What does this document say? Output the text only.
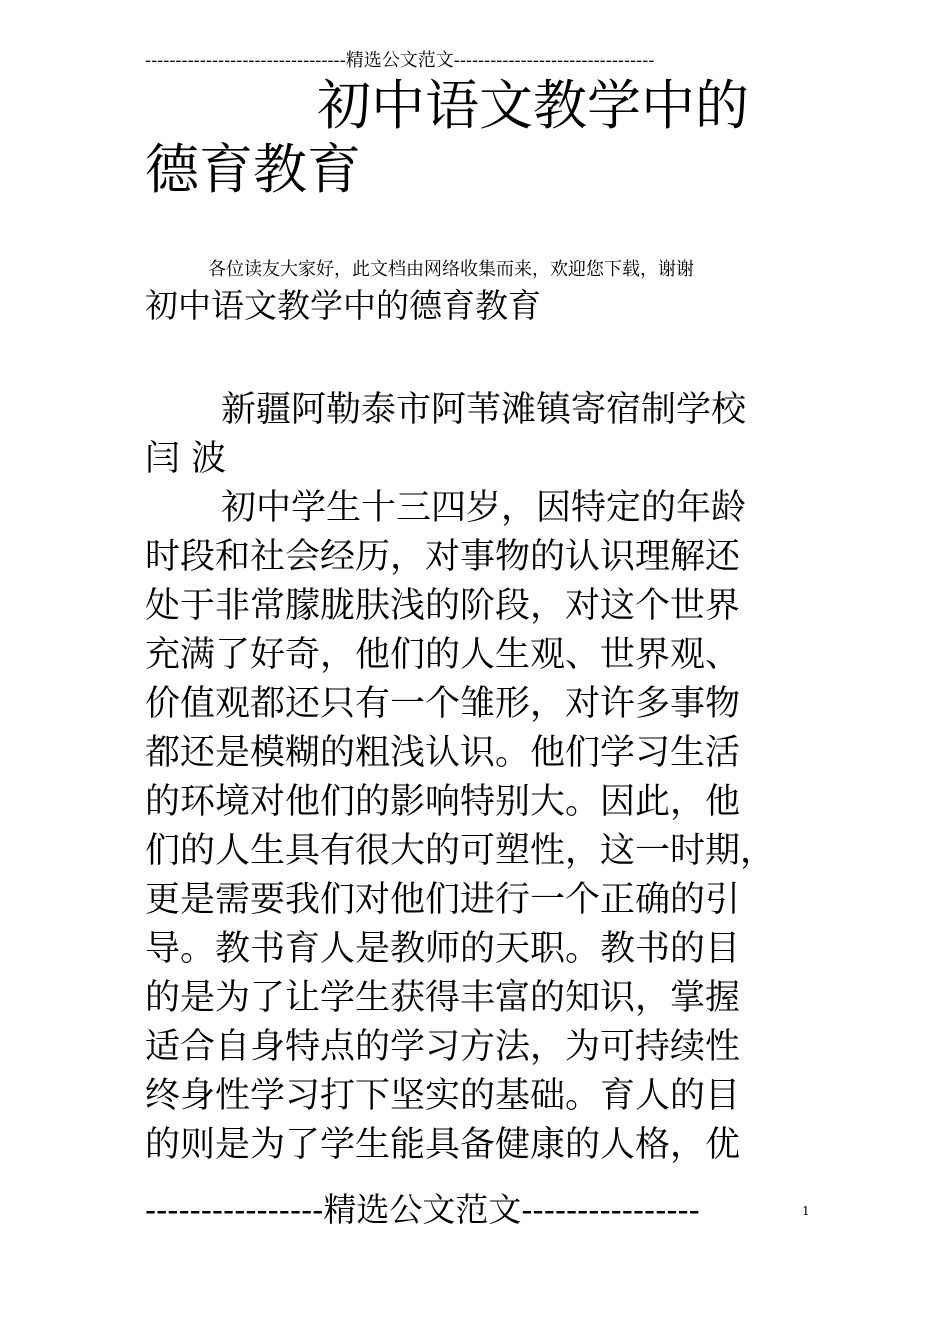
---------------------------------精选公文范文---------------------------------
初中语文教学中的
德育教育
各位读友大家好，此文档由网络收集而来，欢迎您下载，谢谢
初中语文教学中的德育教育
新疆阿勒泰市阿苇滩镇寄宿制学校
闫 波
初中学生十三四岁，因特定的年龄
时段和社会经历，对事物的认识理解还
处于非常朦胧肤浅的阶段，对这个世界
充满了好奇，他们的人生观、世界观、
价值观都还只有一个雏形，对许多事物
都还是模糊的粗浅认识。他们学习生活
的环境对他们的影响特别大。因此，他
们的人生具有很大的可塑性，这一时期，
更是需要我们对他们进行一个正确的引
导。教书育人是教师的天职。教书的目
的是为了让学生获得丰富的知识，掌握
适合自身特点的学习方法，为可持续性
终身性学习打下坚实的基础。育人的目
的则是为了学生能具备健康的人格，优
----------------精选公文范文----------------	1
